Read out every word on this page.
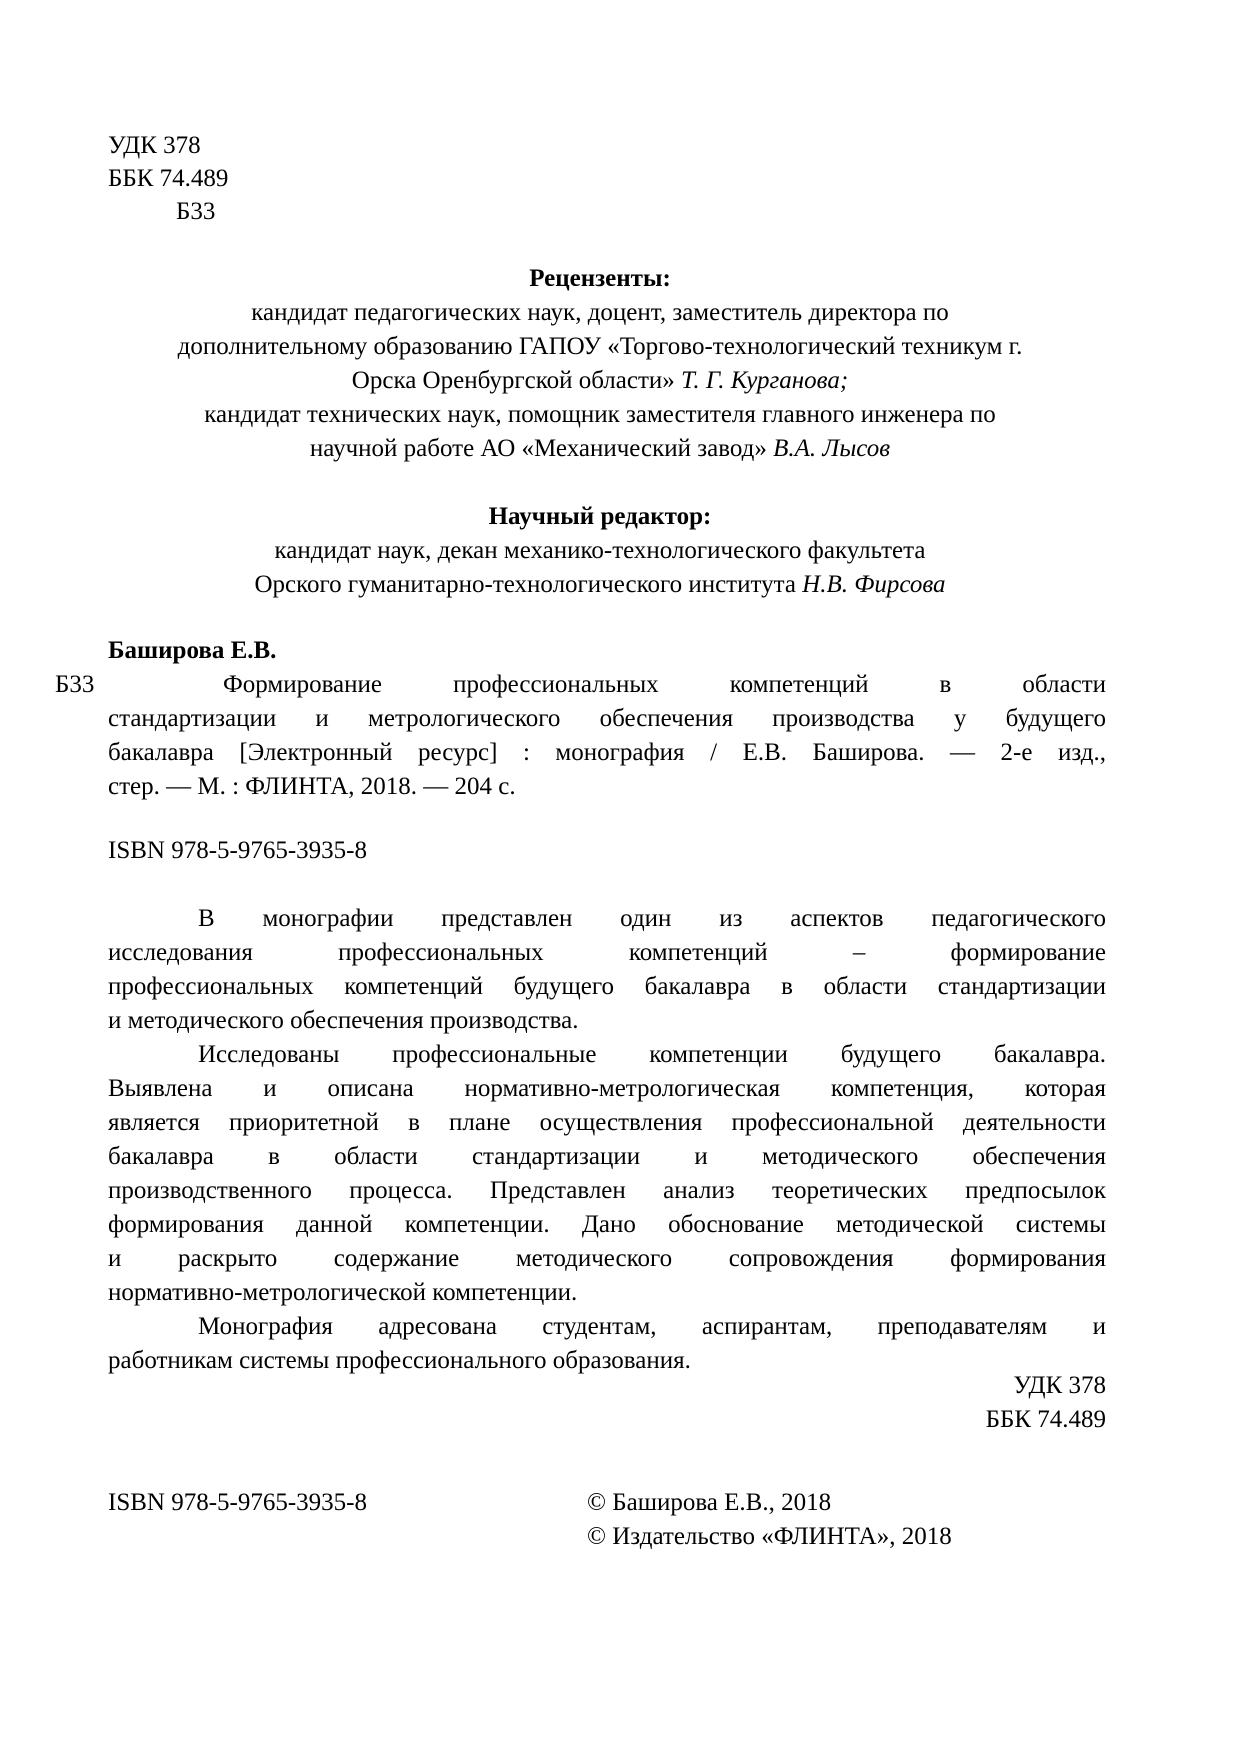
УДК 378
ББК 74.489
Б33
Рецензенты:
кандидат педагогических наук, доцент, заместитель директора по
дополнительному образованию ГАПОУ «Торгово-технологический техникум г.
Орска Оренбургской области» Т. Г. Курганова;
кандидат технических наук, помощник заместителя главного инженера по
научной работе АО «Механический завод» В.А. Лысов
Научный редактор:
кандидат наук, декан механико-технологического факультета
Орского гуманитарно-технологического института Н.В. Фирсова
Баширова Е.В.
Б33	Формирование профессиональных компетенций в области
стандартизации и метрологического обеспечения производства у будущего
бакалавра [Электронный ресурс] : монография / Е.В. Баширова. — 2-е изд.,
стер. — М. : ФЛИНТА, 2018. — 204 с.
ISBN 978-5-9765-3935-8
В монографии представлен один из аспектов педагогического
исследования профессиональных компетенций – формирование
профессиональных компетенций будущего бакалавра в области стандартизации
и методического обеспечения производства.
Исследованы профессиональные компетенции будущего бакалавра.
Выявлена и описана нормативно-метрологическая компетенция, которая
является приоритетной в плане осуществления профессиональной деятельности
бакалавра в области стандартизации и методического обеспечения
производственного процесса. Представлен анализ теоретических предпосылок
формирования данной компетенции. Дано обоснование методической системы
и раскрыто содержание методического сопровождения формирования
нормативно-метрологической компетенции.
Монография адресована студентам, аспирантам, преподавателям и
работникам системы профессионального образования.
УДК 378
ББК 74.489
ISBN 978-5-9765-3935-8	© Баширова Е.В., 2018
© Издательство «ФЛИНТА», 2018
